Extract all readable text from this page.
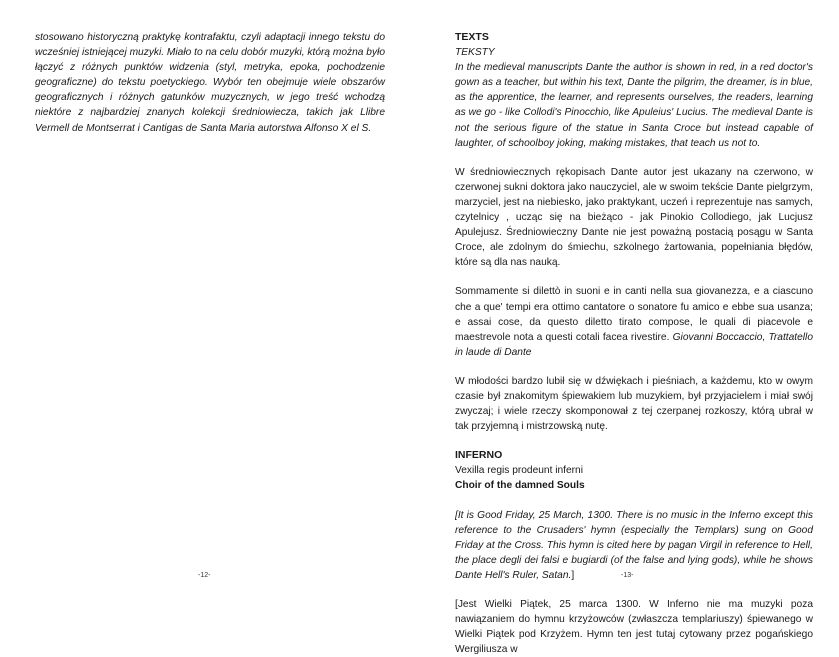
stosowano historyczną praktykę kontrafaktu, czyli adaptacji innego tekstu do wcześniej istniejącej muzyki. Miało to na celu dobór muzyki, którą można było łączyć z różnych punktów widzenia (styl, metryka, epoka, pochodzenie geograficzne) do tekstu poetyckiego. Wybór ten obejmuje wiele obszarów geograficznych i różnych gatunków muzycznych, w jego treść wchodzą niektóre z najbardziej znanych kolekcji średniowiecza, takich jak Llibre Vermell de Montserrat i Cantigas de Santa Maria autorstwa Alfonso X el S.

-12-
TEXTS
TEKSTY

In the medieval manuscripts Dante the author is shown in red, in a red doctor's gown as a teacher, but within his text, Dante the pilgrim, the dreamer, is in blue, as the apprentice, the learner, and represents ourselves, the readers, learning as we go - like Collodi's Pinocchio, like Apuleius' Lucius. The medieval Dante is not the serious figure of the statue in Santa Croce but instead capable of laughter, of schoolboy joking, making mistakes, that teach us not to.

W średniowiecznych rękopisach Dante autor jest ukazany na czerwono, w czerwonej sukni doktora jako nauczyciel, ale w swoim tekście Dante pielgrzym, marzyciel, jest na niebiesko, jako praktykant, uczeń i reprezentuje nas samych, czytelnicy , ucząc się na bieżąco - jak Pinokio Collodiego, jak Lucjusz Apulejusz. Średniowieczny Dante nie jest poważną postacią posągu w Santa Croce, ale zdolnym do śmiechu, szkolnego żartowania, popełniania błędów, które są dla nas nauką.

Sommamente si dilettò in suoni e in canti nella sua giovanezza, e a ciascuno che a que' tempi era ottimo cantatore o sonatore fu amico e ebbe sua usanza; e assai cose, da questo diletto tirato compose, le quali di piacevole e maestrevole nota a questi cotali facea rivestire. Giovanni Boccaccio, Trattatello in laude di Dante

W młodości bardzo lubił się w dźwiękach i pieśniach, a każdemu, kto w owym czasie był znakomitym śpiewakiem lub muzykiem, był przyjacielem i miał swój zwyczaj; i wiele rzeczy skomponował z tej czerpanej rozkoszy, którą ubrał w tak przyjemną i mistrzowską nutę.

INFERNO
Vexilla regis prodeunt inferni
Choir of the damned Souls

[It is Good Friday, 25 March, 1300. There is no music in the Inferno except this reference to the Crusaders' hymn (especially the Templars) sung on Good Friday at the Cross. This hymn is cited here by pagan Virgil in reference to Hell, the place degli dei falsi e bugiardi (of the false and lying gods), while he shows Dante Hell's Ruler, Satan.]

[Jest Wielki Piątek, 25 marca 1300. W Inferno nie ma muzyki poza nawiązaniem do hymnu krzyżowców (zwłaszcza templariuszy) śpiewanego w Wielki Piątek pod Krzyżem. Hymn ten jest tutaj cytowany przez pogańskiego Wergiliusza w

-13-
